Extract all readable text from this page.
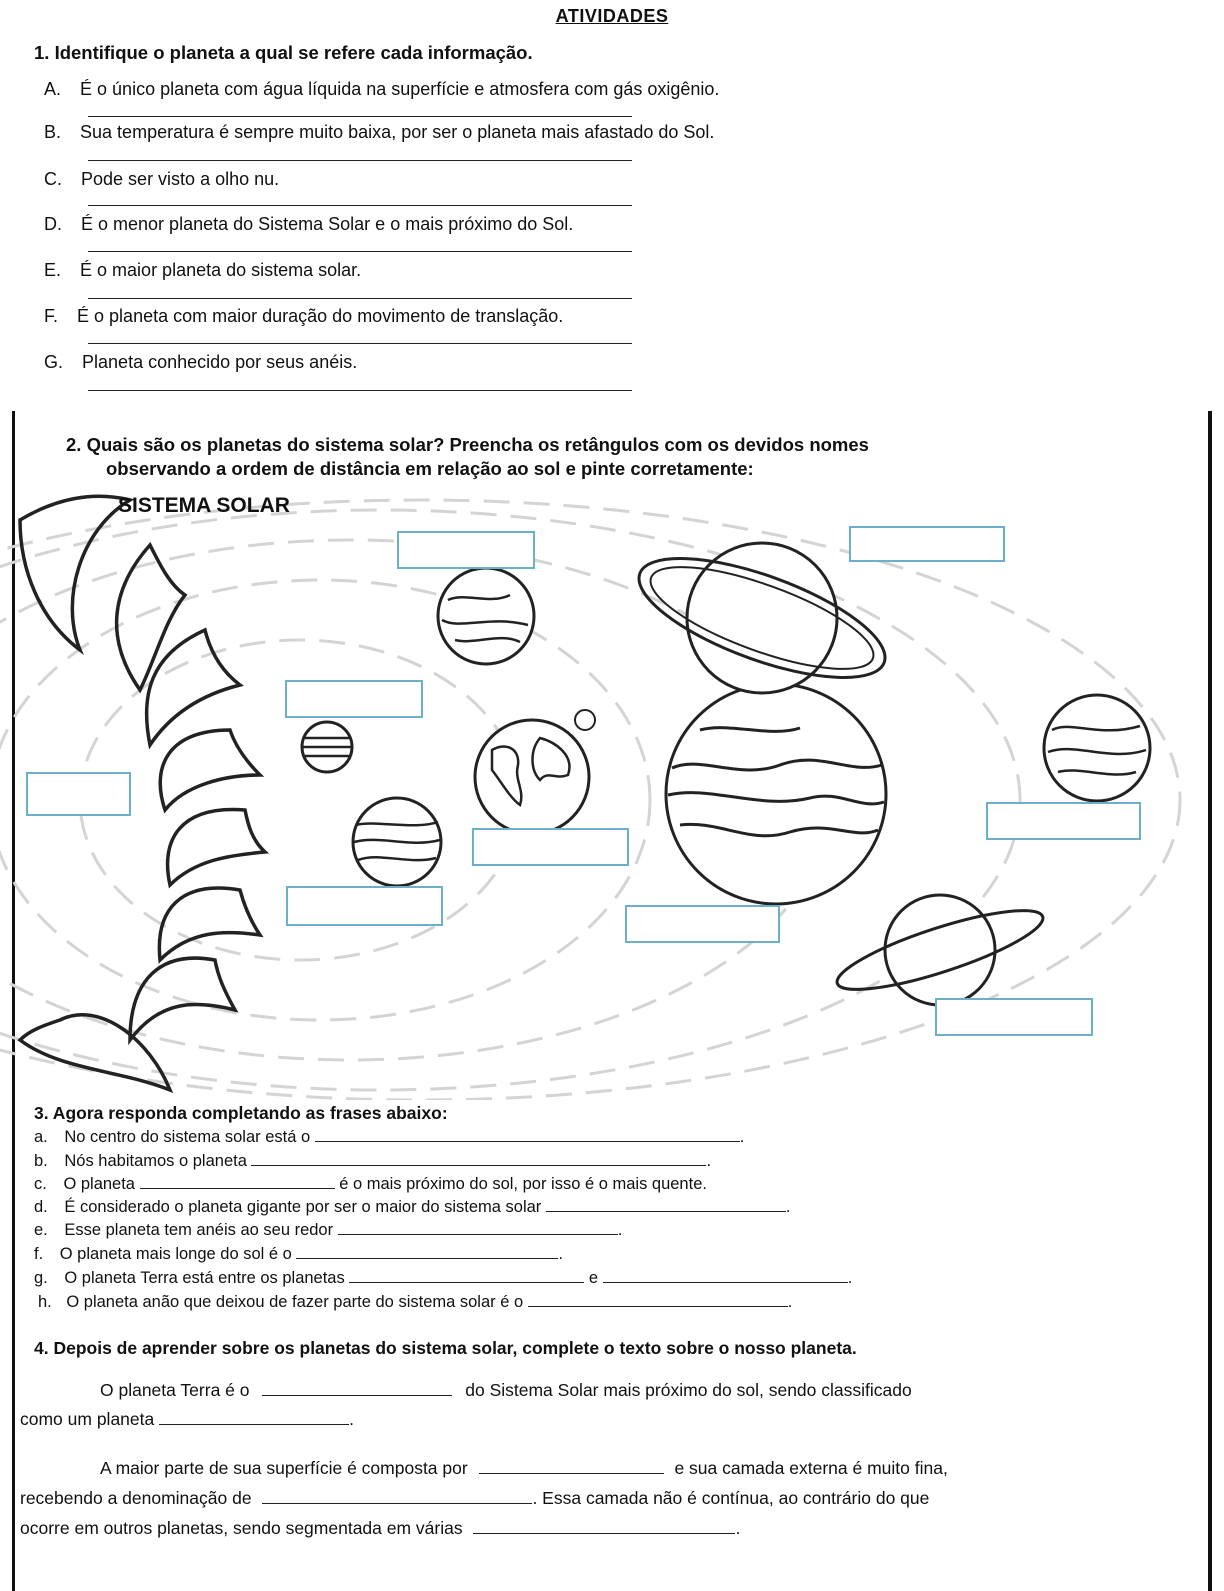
ATIVIDADES
1. Identifique o planeta a qual se refere cada informação.
A. É o único planeta com água líquida na superfície e atmosfera com gás oxigênio.
B. Sua temperatura é sempre muito baixa, por ser o planeta mais afastado do Sol.
C. Pode ser visto a olho nu.
D. É o menor planeta do Sistema Solar e o mais próximo do Sol.
E. É o maior planeta do sistema solar.
F. É o planeta com maior duração do movimento de translação.
G. Planeta conhecido por seus anéis.
2. Quais são os planetas do sistema solar? Preencha os retângulos com os devidos nomes
observando a ordem de distância em relação ao sol e pinte corretamente:
SISTEMA SOLAR
3. Agora responda completando as frases abaixo:
a. No centro do sistema solar está o	.
b. Nós habitamos o planeta	.
c. O planeta	é o mais próximo do sol, por isso é o mais quente.
d. É considerado o planeta gigante por ser o maior do sistema solar	.
e. Esse planeta tem anéis ao seu redor	.
f. O planeta mais longe do sol é o	.
g. O planeta Terra está entre os planetas	e	.
h. O planeta anão que deixou de fazer parte do sistema solar é o	.
4. Depois de aprender sobre os planetas do sistema solar, complete o texto sobre o nosso planeta.
O planeta Terra é o	do Sistema Solar mais próximo do sol, sendo classificado
como um planeta	.
A maior parte de sua superfície é composta por	e sua camada externa é muito fina,
recebendo a denominação de	. Essa camada não é contínua, ao contrário do que
ocorre em outros planetas, sendo segmentada em várias	.
